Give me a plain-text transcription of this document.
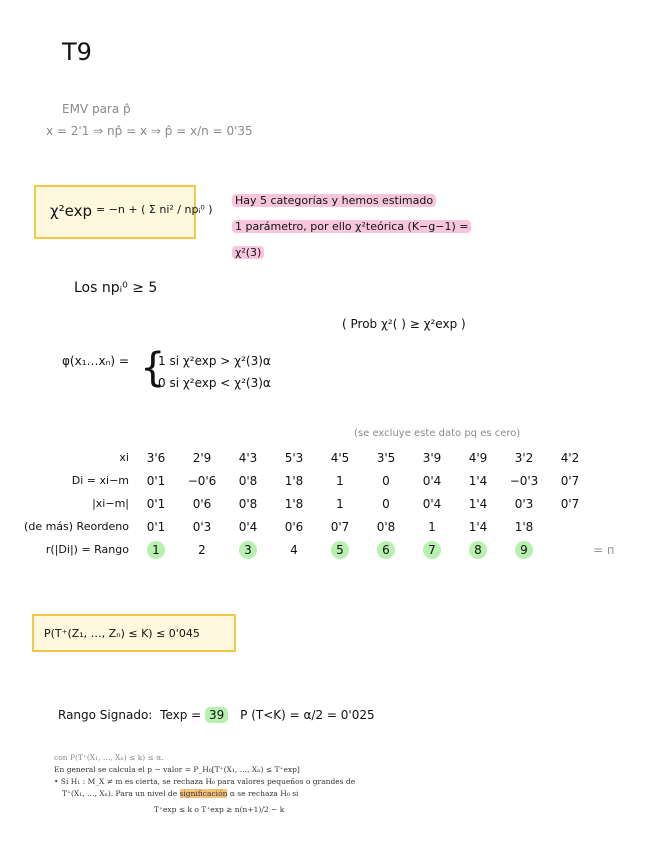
T9
EMV para p̂
x = 2'1 ⇒ np̂ = x ⇒ p̂ = x/n = 0'35
χ²exp = −n + ( Σ ni² / npᵢ⁰ )
Hay 5 categorías y hemos estimado
1 parámetro, por ello χ²teórica (K−g−1) =
χ²(3)
Los npᵢ⁰ ≥ 5
( Prob χ²( ) ≥ χ²exp )
φ(x₁…xₙ) = {
1 si χ²exp > χ²(3)α
0 si χ²exp < χ²(3)α
(se excluye este dato pq es cero)
xi	3'6	2'9	4'3	5'3	4'5	3'5	3'9	4'9	3'2	4'2	
Di = xi−m	0'1	−0'6	0'8	1'8	1	0	0'4	1'4	−0'3	0'7	
|xi−m|	0'1	0'6	0'8	1'8	1	0	0'4	1'4	0'3	0'7	
(de más) Reordeno	0'1	0'3	0'4	0'6	0'7	0'8	1	1'4	1'8		
r(|Di|) = Rango	1	2	3	4	5	6	7	8	9		= n
P(T⁺(Z₁, …, Zₙ) ≤ K) ≤ 0'045
Rango Signado: Texp = 39 P (T<K) = α/2 = 0'025
con P(T⁺(X₁, …, Xₙ) ≤ k) ≤ α.
En general se calcula el p − valor = P_H₀[T⁺(X₁, …, Xₙ) ≤ T⁺exp]
• Si H₁ : M_X ≠ m es cierta, se rechaza H₀ para valores pequeños o grandes de
T⁺(X₁, …, Xₙ). Para un nivel de significación α se rechaza H₀ si
T⁺exp ≤ k o T⁺exp ≥ n(n+1)/2 − k
